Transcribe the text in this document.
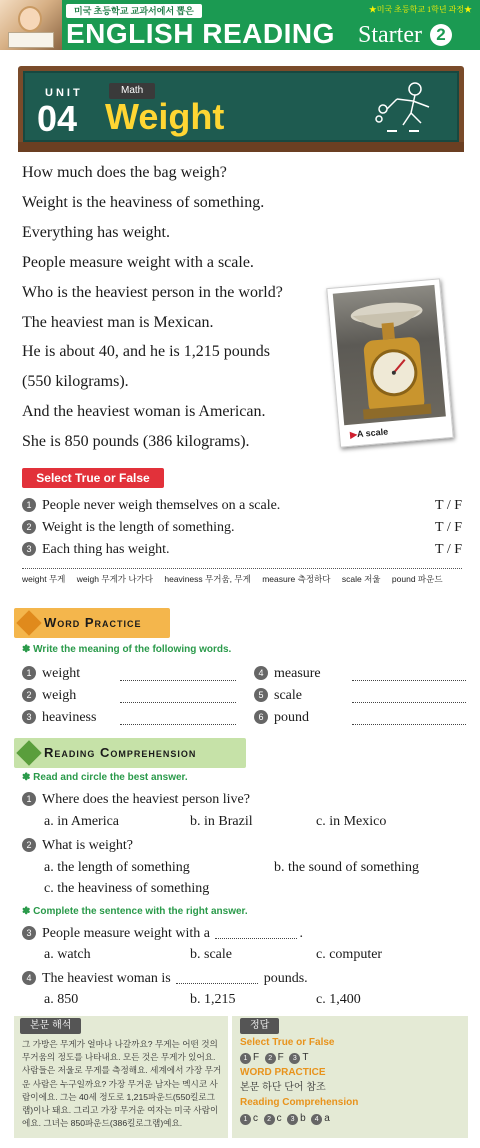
미국 초등학교 교과서에서 뽑은	★미국 초등학교 1학년 과정★
ENGLISH READING Starter 2
UNIT
04
Math
Weight
How much does the bag weigh?
Weight is the heaviness of something.
Everything has weight.
People measure weight with a scale.
Who is the heaviest person in the world?
The heaviest man is Mexican.
He is about 40, and he is 1,215 pounds
(550 kilograms).
And the heaviest woman is American.
She is 850 pounds (386 kilograms).	▶A scale
Select True or False
1 People never weigh themselves on a scale.	T / F
2 Weight is the length of something.	T / F
3 Each thing has weight.	T / F
weight 무게 weigh 무게가 나가다 heaviness 무거움, 무게 measure 측정하다 scale 저울 pound 파운드
Word Practice
✽ Write the meaning of the following words.
1 weight
2 weigh
3 heaviness
4 measure
5 scale
6 pound
Reading Comprehension
✽ Read and circle the best answer.
1 Where does the heaviest person live?
a. in America	b. in Brazil	c. in Mexico
2 What is weight?
a. the length of something	b. the sound of something
c. the heaviness of something
✽ Complete the sentence with the right answer.
3 People measure weight with a	.
a. watch	b. scale	c. computer
4 The heaviest woman is	pounds.
a. 850	b. 1,215	c. 1,400
본문 해석
그 가방은 무게가 얼마나 나갈까요? 무게는 어떤 것의 무거움의 정도를 나타내요. 모든 것은 무게가 있어요. 사람들은 저울로 무게를 측정해요. 세계에서 가장 무거운 사람은 누구일까요? 가장 무거운 남자는 멕시코 사람이에요. 그는 40세 정도로 1,215파운드(550킬로그램)이나 돼요. 그리고 가장 무거운 여자는 미국 사람이에요. 그녀는 850파운드(386킬로그램)예요.
정답
Select True or False
1 F 2 F 3 T
WORD PRACTICE
본문 하단 단어 참조
Reading Comprehension
1 c 2 c 3 b 4 a
